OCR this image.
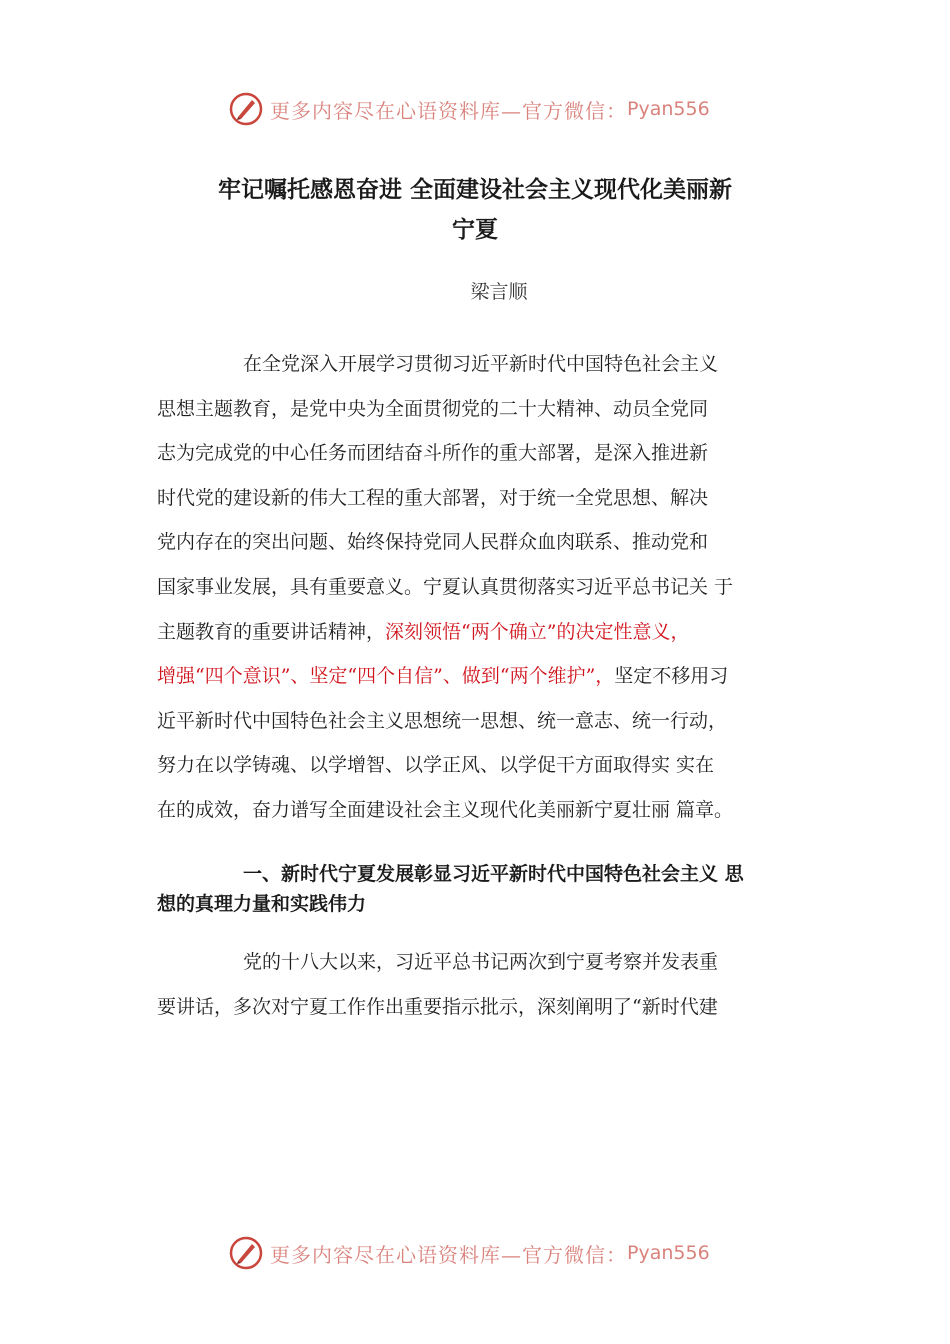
更多内容尽在心语资料库—官方微信： Pyan556
牢记嘱托感恩奋进 全面建设社会主义现代化美丽新
宁夏
梁言顺
在全党深入开展学习贯彻习近平新时代中国特色社会主义
思想主题教育，是党中央为全面贯彻党的二十大精神、动员全党同
志为完成党的中心任务而团结奋斗所作的重大部署，是深入推进新
时代党的建设新的伟大工程的重大部署，对于统一全党思想、解决
党内存在的突出问题、始终保持党同人民群众血肉联系、推动党和
国家事业发展，具有重要意义。宁夏认真贯彻落实习近平总书记关 于
主题教育的重要讲话精神，深刻领悟“两个确立”的决定性意义，
增强“四个意识”、坚定“四个自信”、做到“两个维护”，坚定不移用习
近平新时代中国特色社会主义思想统一思想、统一意志、统一行动，
努力在以学铸魂、以学增智、以学正风、以学促干方面取得实 实在
在的成效，奋力谱写全面建设社会主义现代化美丽新宁夏壮丽 篇章。
一、新时代宁夏发展彰显习近平新时代中国特色社会主义 思
想的真理力量和实践伟力
党的十八大以来，习近平总书记两次到宁夏考察并发表重
要讲话，多次对宁夏工作作出重要指示批示，深刻阐明了“新时代建
更多内容尽在心语资料库—官方微信： Pyan556
